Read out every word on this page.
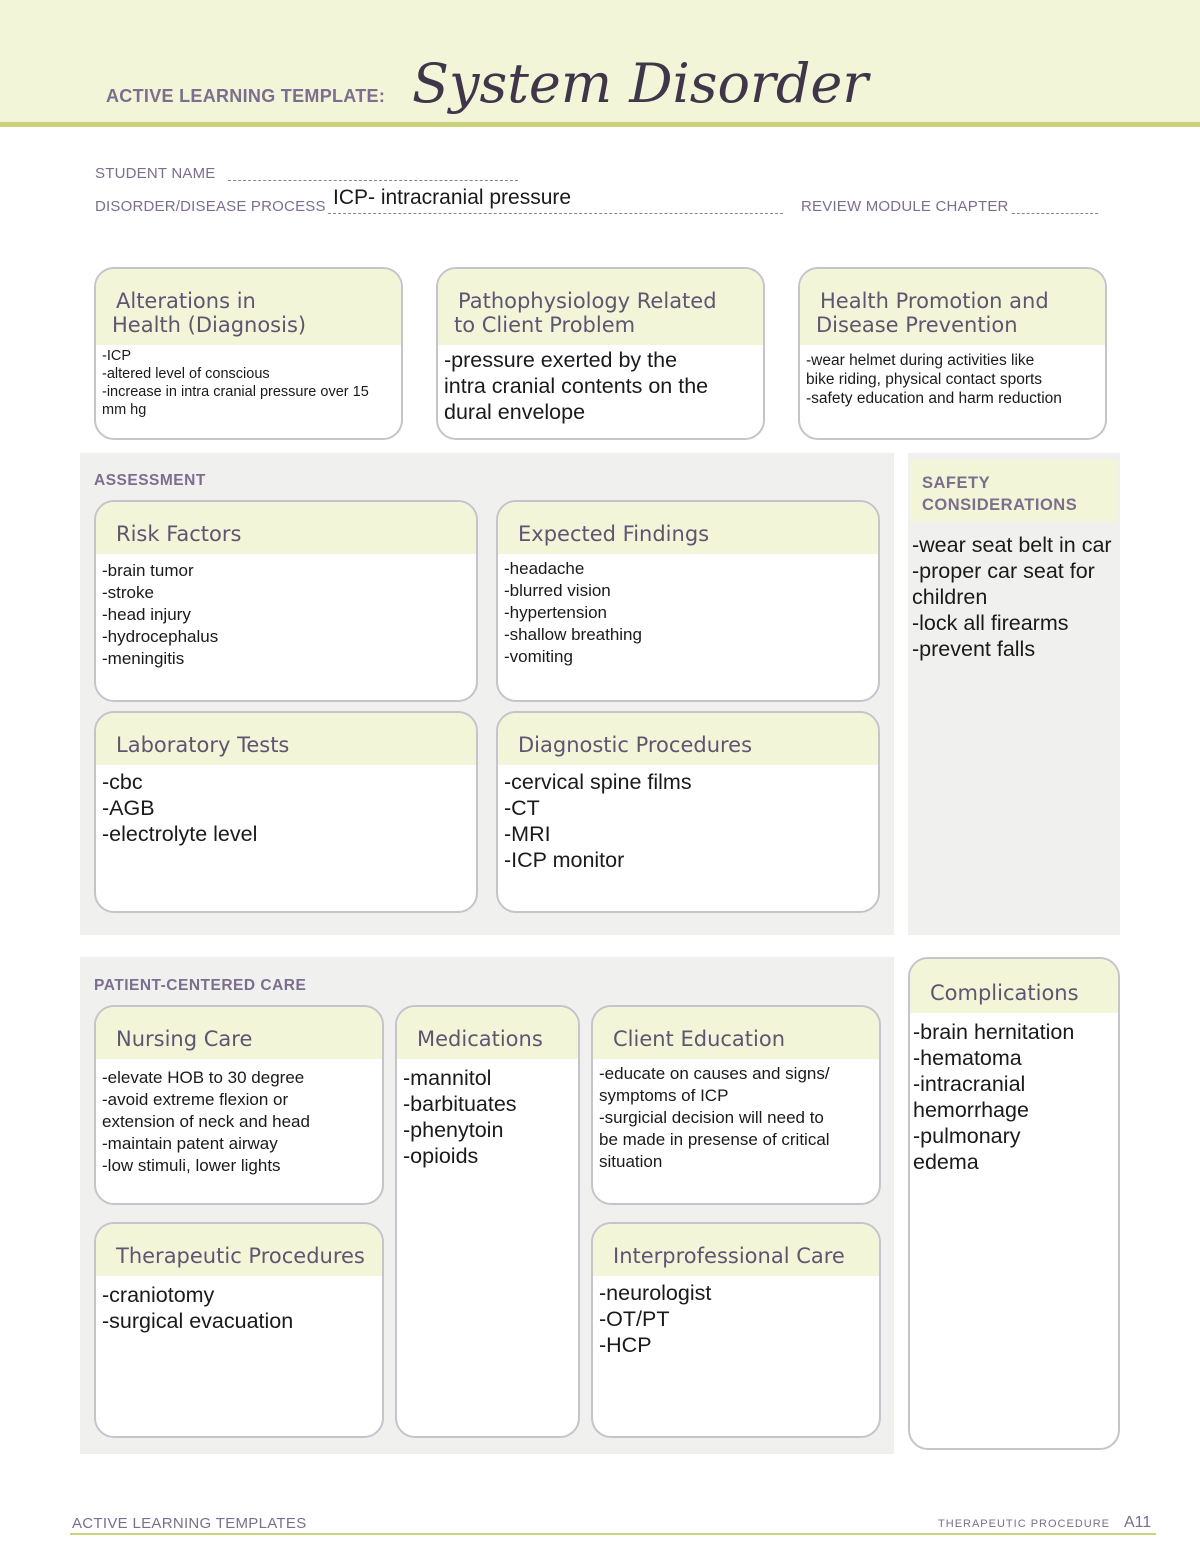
ACTIVE LEARNING TEMPLATE: System Disorder
STUDENT NAME
DISORDER/DISEASE PROCESS ICP- intracranial pressure	REVIEW MODULE CHAPTER
Alterations in
Health (Diagnosis)
-ICP
-altered level of conscious
-increase in intra cranial pressure over 15
mm hg
Pathophysiology Related
to Client Problem
-pressure exerted by the
intra cranial contents on the
dural envelope
Health Promotion and
Disease Prevention
-wear helmet during activities like
bike riding, physical contact sports
-safety education and harm reduction
ASSESSMENT
Risk Factors
-brain tumor
-stroke
-head injury
-hydrocephalus
-meningitis
Expected Findings
-headache
-blurred vision
-hypertension
-shallow breathing
-vomiting
Laboratory Tests
-cbc
-AGB
-electrolyte level
Diagnostic Procedures
-cervical spine films
-CT
-MRI
-ICP monitor
SAFETY
CONSIDERATIONS
-wear seat belt in car
-proper car seat for children
-lock all firearms
-prevent falls
PATIENT-CENTERED CARE
Nursing Care
-elevate HOB to 30 degree
-avoid extreme flexion or
extension of neck and head
-maintain patent airway
-low stimuli, lower lights
Medications
-mannitol
-barbituates
-phenytoin
-opioids
Client Education
-educate on causes and signs/
symptoms of ICP
-surgicial decision will need to
be made in presense of critical
situation
Therapeutic Procedures
-craniotomy
-surgical evacuation
Interprofessional Care
-neurologist
-OT/PT
-HCP
Complications
-brain hernitation
-hematoma
-intracranial
hemorrhage
-pulmonary
edema
ACTIVE LEARNING TEMPLATES	THERAPEUTIC PROCEDURE A11
